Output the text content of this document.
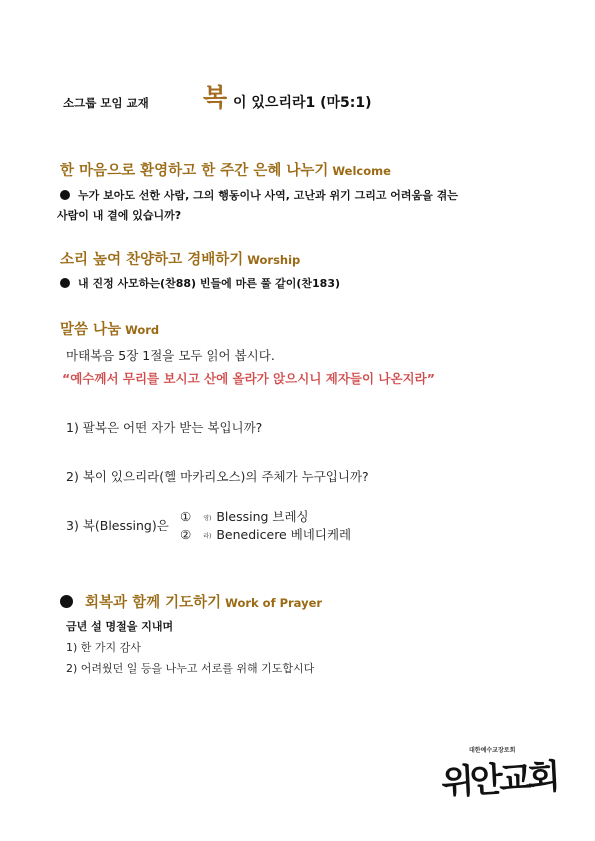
소그룹 모임 교재 복 이 있으리라1 (마5:1)
한 마음으로 환영하고 한 주간 은혜 나누기 Welcome
누가 보아도 선한 사람, 그의 행동이나 사역, 고난과 위기 그리고 어려움을 겪는
사람이 내 곁에 있습니까?
소리 높여 찬양하고 경배하기 Worship
내 진정 사모하는(찬88) 빈들에 마른 풀 같이(찬183)
말씀 나눔 Word
마태복음 5장 1절을 모두 읽어 봅시다.
“예수께서 무리를 보시고 산에 올라가 앉으시니 제자들이 나온지라”
1) 팔복은 어떤 자가 받는 복입니까?
2) 복이 있으리라(헬 마카리오스)의 주체가 누구입니까?
3) 복(Blessing)은
① 영) Blessing 브레싱
② 라) Benedicere 베네디케레
회복과 함께 기도하기 Work of Prayer
금년 설 명절을 지내며
1) 한 가지 감사
2) 어려웠던 일 등을 나누고 서로를 위해 기도합시다
대한예수교장로회
위안교회
